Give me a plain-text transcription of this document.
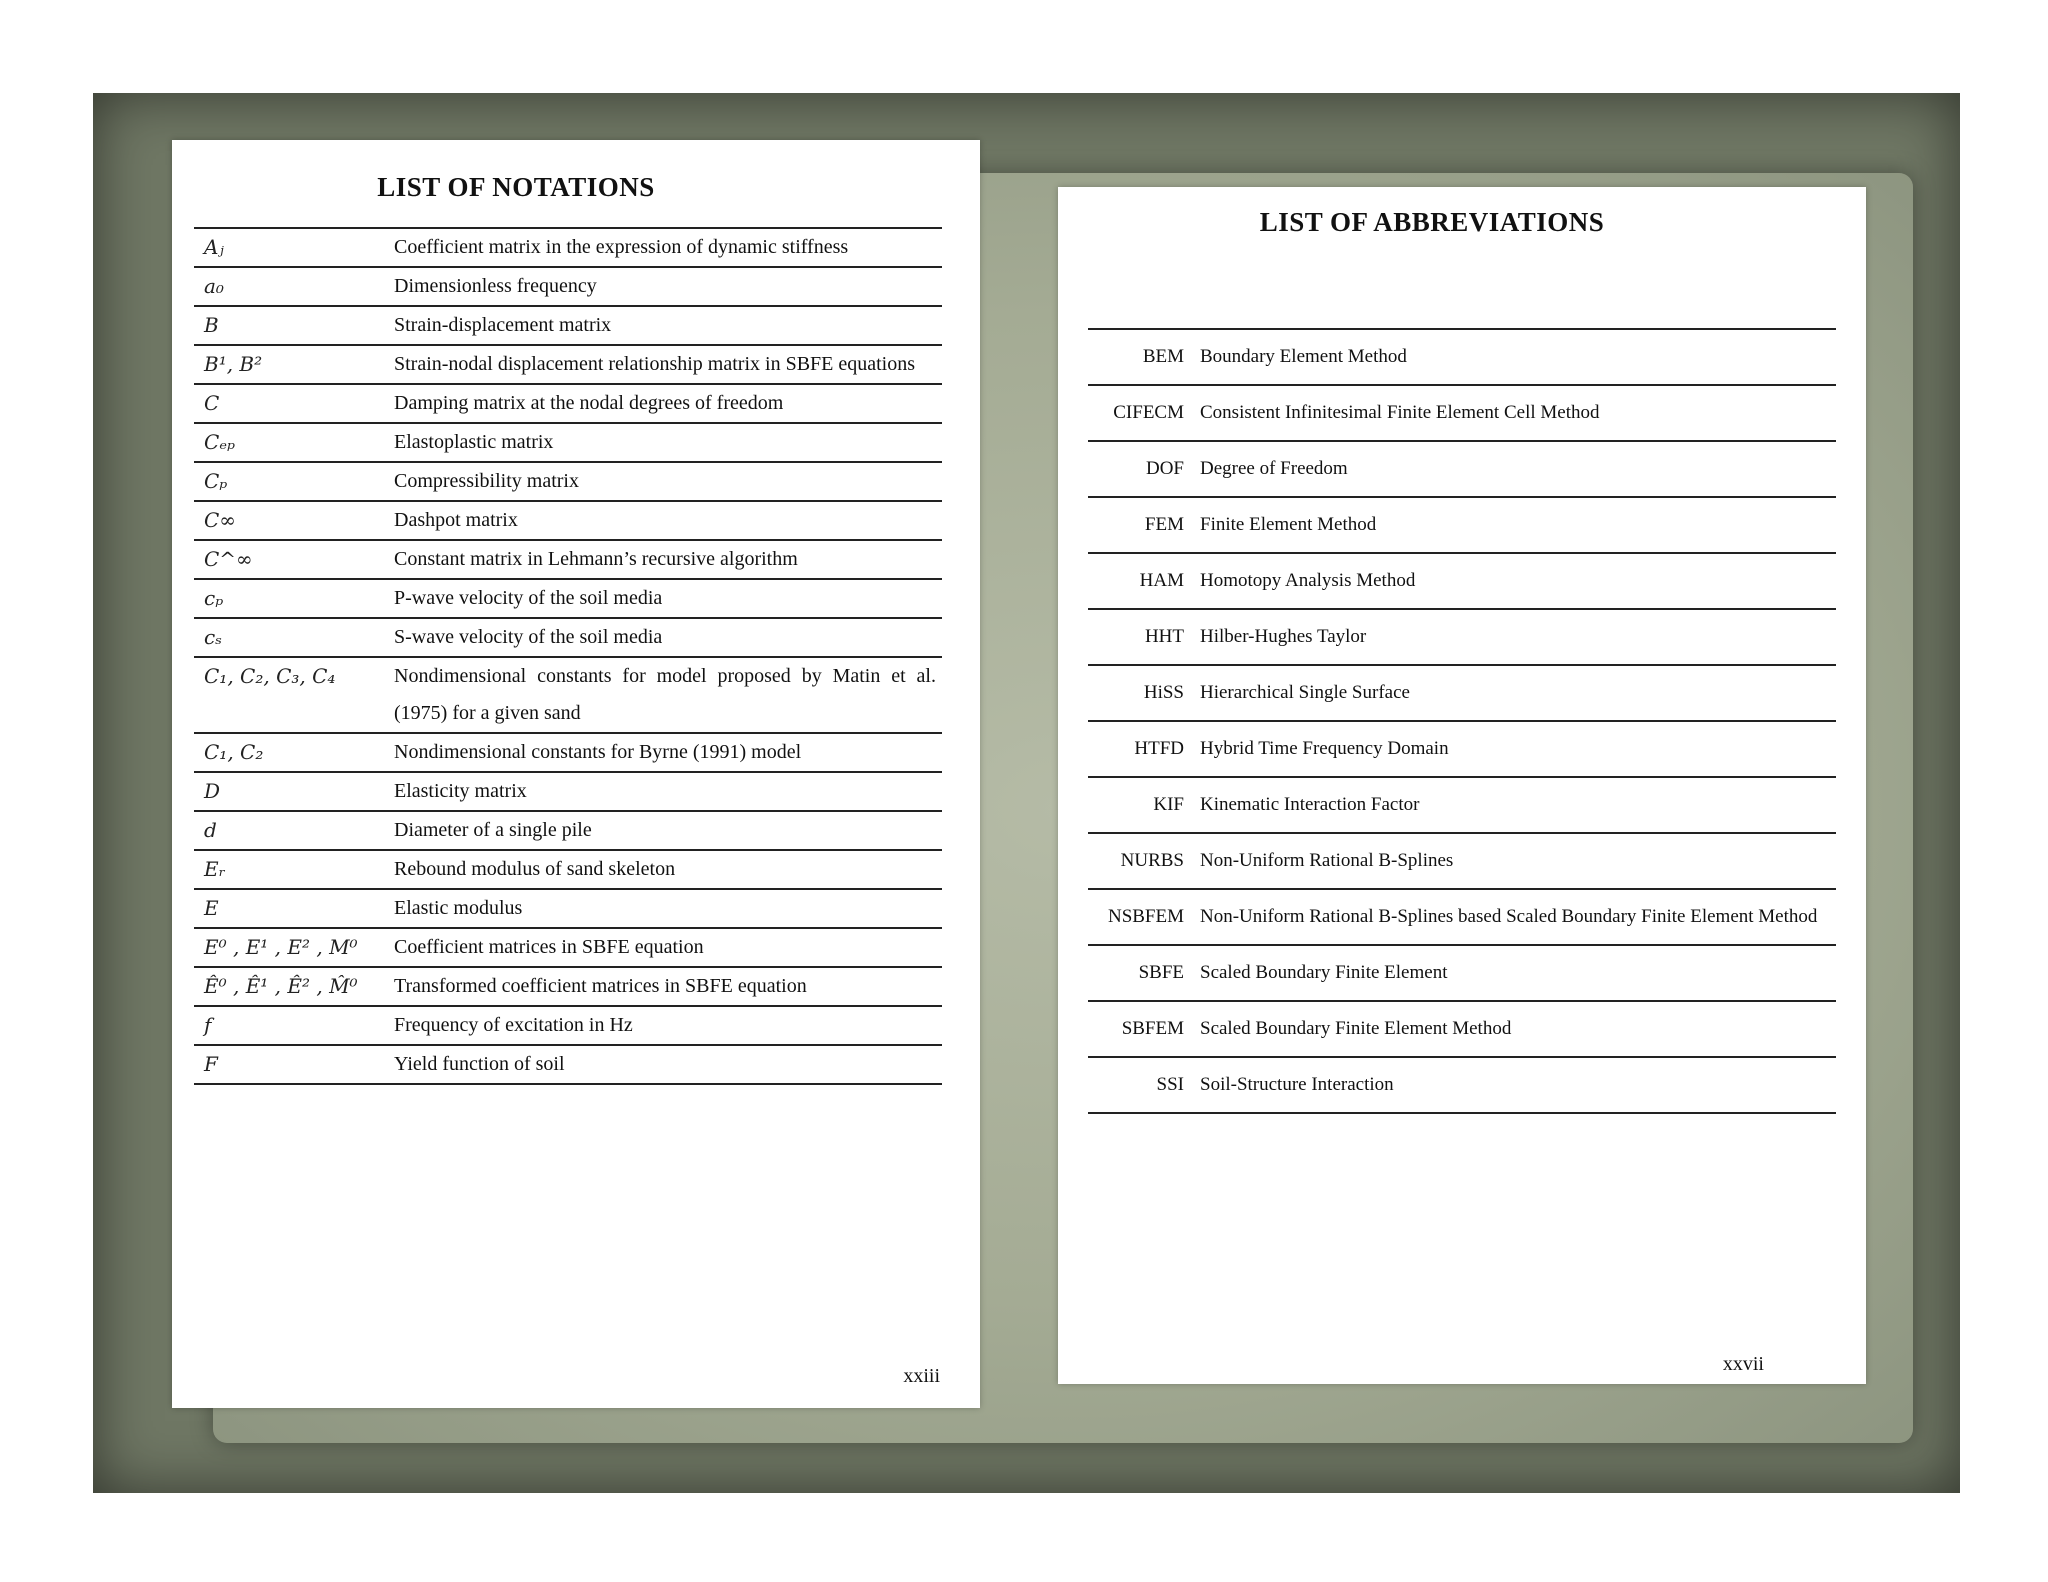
LIST OF NOTATIONS
Aⱼ	Coefficient matrix in the expression of dynamic stiffness
a₀	Dimensionless frequency
B	Strain-displacement matrix
B¹, B²	Strain-nodal displacement relationship matrix in SBFE equations
C	Damping matrix at the nodal degrees of freedom
Cₑₚ	Elastoplastic matrix
Cₚ	Compressibility matrix
C∞	Dashpot matrix
C^∞	Constant matrix in Lehmann’s recursive algorithm
cₚ	P-wave velocity of the soil media
cₛ	S-wave velocity of the soil media
C₁, C₂, C₃, C₄	Nondimensional constants for model proposed by Matin et al. (1975) for a given sand
C₁, C₂	Nondimensional constants for Byrne (1991) model
D	Elasticity matrix
d	Diameter of a single pile
Eᵣ	Rebound modulus of sand skeleton
E	Elastic modulus
E⁰ , E¹ , E² , M⁰	Coefficient matrices in SBFE equation
Ê⁰ , Ê¹ , Ê² , M̂⁰	Transformed coefficient matrices in SBFE equation
f	Frequency of excitation in Hz
F	Yield function of soil
xxiii
LIST OF ABBREVIATIONS
BEM Boundary Element Method
CIFECM Consistent Infinitesimal Finite Element Cell Method
DOF Degree of Freedom
FEM Finite Element Method
HAM Homotopy Analysis Method
HHT Hilber-Hughes Taylor
HiSS Hierarchical Single Surface
HTFD Hybrid Time Frequency Domain
KIF Kinematic Interaction Factor
NURBS Non-Uniform Rational B-Splines
NSBFEM Non-Uniform Rational B-Splines based Scaled Boundary Finite Element Method
SBFE Scaled Boundary Finite Element
SBFEM Scaled Boundary Finite Element Method
SSI Soil-Structure Interaction
xxvii
